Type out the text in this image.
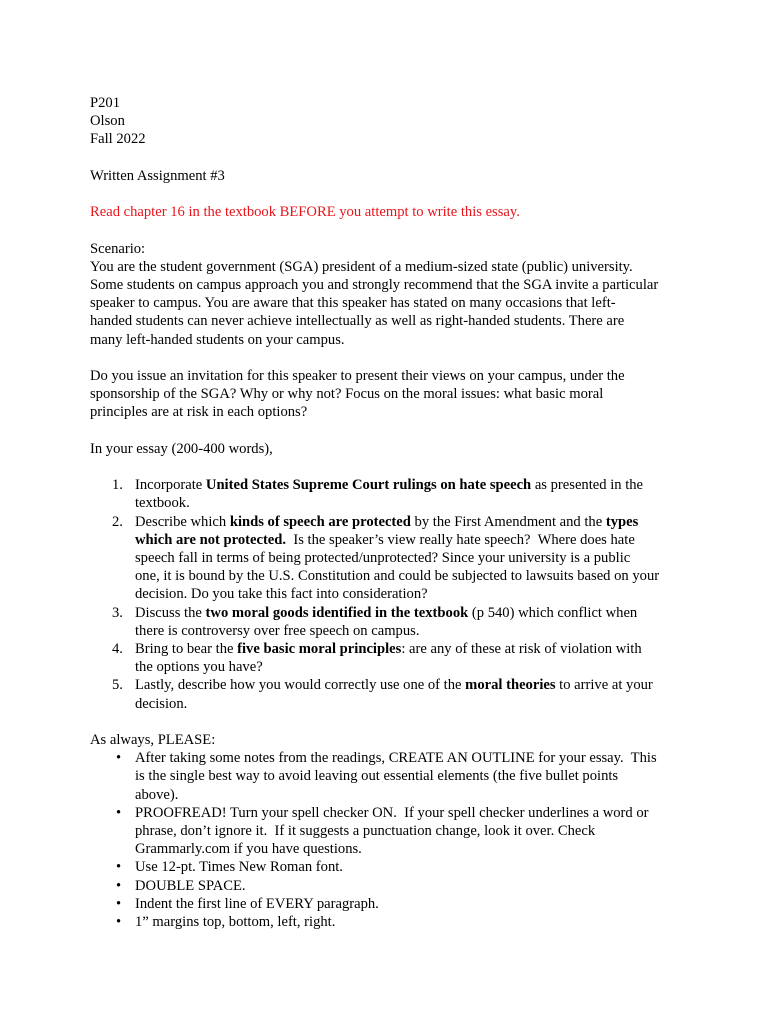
P201
Olson
Fall 2022
Written Assignment #3
Read chapter 16 in the textbook BEFORE you attempt to write this essay.
Scenario:
You are the student government (SGA) president of a medium-sized state (public) university.
Some students on campus approach you and strongly recommend that the SGA invite a particular
speaker to campus. You are aware that this speaker has stated on many occasions that left-
handed students can never achieve intellectually as well as right-handed students. There are
many left-handed students on your campus.
Do you issue an invitation for this speaker to present their views on your campus, under the
sponsorship of the SGA? Why or why not? Focus on the moral issues: what basic moral
principles are at risk in each options?
In your essay (200-400 words),
1. Incorporate United States Supreme Court rulings on hate speech as presented in the
textbook.
2. Describe which kinds of speech are protected by the First Amendment and the types
which are not protected.  Is the speaker’s view really hate speech?  Where does hate
speech fall in terms of being protected/unprotected? Since your university is a public
one, it is bound by the U.S. Constitution and could be subjected to lawsuits based on your
decision. Do you take this fact into consideration?
3. Discuss the two moral goods identified in the textbook (p 540) which conflict when
there is controversy over free speech on campus.
4. Bring to bear the five basic moral principles: are any of these at risk of violation with
the options you have?
5. Lastly, describe how you would correctly use one of the moral theories to arrive at your
decision.
As always, PLEASE:
• After taking some notes from the readings, CREATE AN OUTLINE for your essay.  This
is the single best way to avoid leaving out essential elements (the five bullet points
above).
• PROOFREAD! Turn your spell checker ON.  If your spell checker underlines a word or
phrase, don’t ignore it.  If it suggests a punctuation change, look it over. Check
Grammarly.com if you have questions.
• Use 12-pt. Times New Roman font.
• DOUBLE SPACE.
• Indent the first line of EVERY paragraph.
• 1” margins top, bottom, left, right.
